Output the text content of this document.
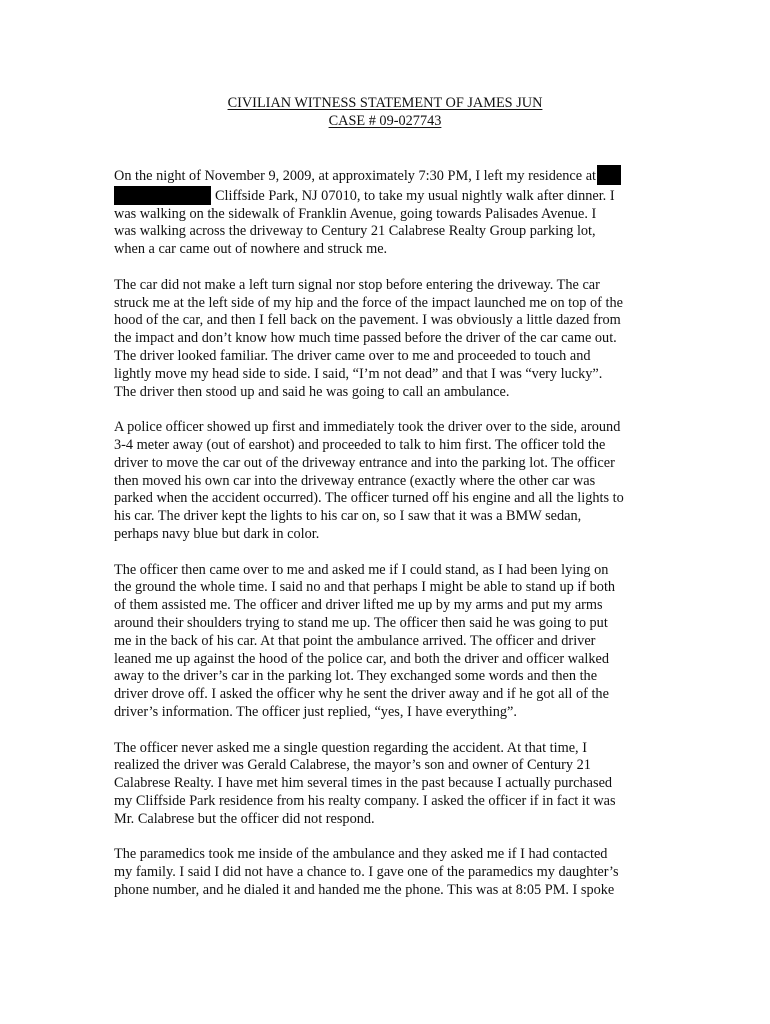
CIVILIAN WITNESS STATEMENT OF JAMES JUN
CASE # 09-027743

On the night of November 9, 2009, at approximately 7:30 PM, I left my residence at
Cliffside Park, NJ 07010, to take my usual nightly walk after dinner. I
was walking on the sidewalk of Franklin Avenue, going towards Palisades Avenue. I
was walking across the driveway to Century 21 Calabrese Realty Group parking lot,
when a car came out of nowhere and struck me.

The car did not make a left turn signal nor stop before entering the driveway. The car
struck me at the left side of my hip and the force of the impact launched me on top of the
hood of the car, and then I fell back on the pavement. I was obviously a little dazed from
the impact and don’t know how much time passed before the driver of the car came out.
The driver looked familiar. The driver came over to me and proceeded to touch and
lightly move my head side to side. I said, “I’m not dead” and that I was “very lucky”.
The driver then stood up and said he was going to call an ambulance.

A police officer showed up first and immediately took the driver over to the side, around
3-4 meter away (out of earshot) and proceeded to talk to him first. The officer told the
driver to move the car out of the driveway entrance and into the parking lot. The officer
then moved his own car into the driveway entrance (exactly where the other car was
parked when the accident occurred). The officer turned off his engine and all the lights to
his car. The driver kept the lights to his car on, so I saw that it was a BMW sedan,
perhaps navy blue but dark in color.

The officer then came over to me and asked me if I could stand, as I had been lying on
the ground the whole time. I said no and that perhaps I might be able to stand up if both
of them assisted me. The officer and driver lifted me up by my arms and put my arms
around their shoulders trying to stand me up. The officer then said he was going to put
me in the back of his car. At that point the ambulance arrived. The officer and driver
leaned me up against the hood of the police car, and both the driver and officer walked
away to the driver’s car in the parking lot. They exchanged some words and then the
driver drove off. I asked the officer why he sent the driver away and if he got all of the
driver’s information. The officer just replied, “yes, I have everything”.

The officer never asked me a single question regarding the accident. At that time, I
realized the driver was Gerald Calabrese, the mayor’s son and owner of Century 21
Calabrese Realty. I have met him several times in the past because I actually purchased
my Cliffside Park residence from his realty company. I asked the officer if in fact it was
Mr. Calabrese but the officer did not respond.

The paramedics took me inside of the ambulance and they asked me if I had contacted
my family. I said I did not have a chance to. I gave one of the paramedics my daughter’s
phone number, and he dialed it and handed me the phone. This was at 8:05 PM. I spoke
